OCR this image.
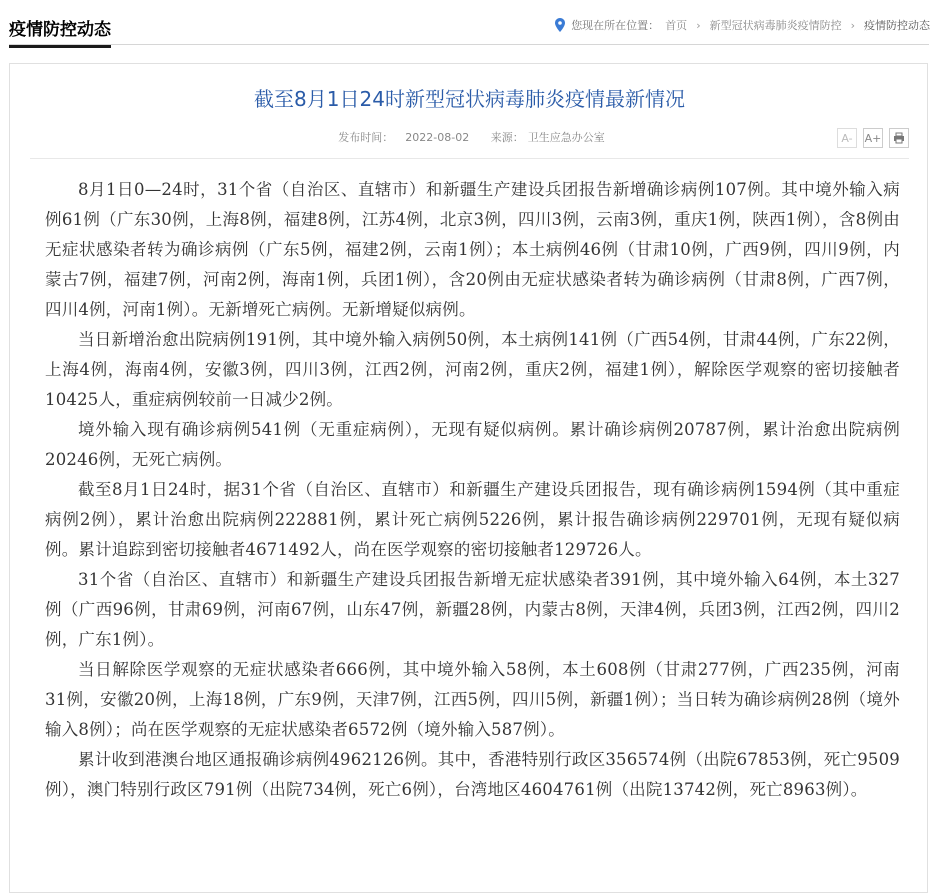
疫情防控动态	您现在所在位置： 首页 › 新型冠状病毒肺炎疫情防控 › 疫情防控动态
截至8月1日24时新型冠状病毒肺炎疫情最新情况
发布时间： 2022-08-02 来源： 卫生应急办公室	A- A+

8月1日0—24时，31个省（自治区、直辖市）和新疆生产建设兵团报告新增确诊病例107例。其中境外输入病例61例（广东30例，上海8例，福建8例，江苏4例，北京3例，四川3例，云南3例，重庆1例，陕西1例），含8例由无症状感染者转为确诊病例（广东5例，福建2例，云南1例）；本土病例46例（甘肃10例，广西9例，四川9例，内蒙古7例，福建7例，河南2例，海南1例，兵团1例），含20例由无症状感染者转为确诊病例（甘肃8例，广西7例，四川4例，河南1例）。无新增死亡病例。无新增疑似病例。

当日新增治愈出院病例191例，其中境外输入病例50例，本土病例141例（广西54例，甘肃44例，广东22例，上海4例，海南4例，安徽3例，四川3例，江西2例，河南2例，重庆2例，福建1例），解除医学观察的密切接触者10425人，重症病例较前一日减少2例。

境外输入现有确诊病例541例（无重症病例），无现有疑似病例。累计确诊病例20787例，累计治愈出院病例20246例，无死亡病例。

截至8月1日24时，据31个省（自治区、直辖市）和新疆生产建设兵团报告，现有确诊病例1594例（其中重症病例2例），累计治愈出院病例222881例，累计死亡病例5226例，累计报告确诊病例229701例，无现有疑似病例。累计追踪到密切接触者4671492人，尚在医学观察的密切接触者129726人。

31个省（自治区、直辖市）和新疆生产建设兵团报告新增无症状感染者391例，其中境外输入64例，本土327例（广西96例，甘肃69例，河南67例，山东47例，新疆28例，内蒙古8例，天津4例，兵团3例，江西2例，四川2例，广东1例）。

当日解除医学观察的无症状感染者666例，其中境外输入58例，本土608例（甘肃277例，广西235例，河南31例，安徽20例，上海18例，广东9例，天津7例，江西5例，四川5例，新疆1例）；当日转为确诊病例28例（境外输入8例）；尚在医学观察的无症状感染者6572例（境外输入587例）。

累计收到港澳台地区通报确诊病例4962126例。其中，香港特别行政区356574例（出院67853例，死亡9509例），澳门特别行政区791例（出院734例，死亡6例），台湾地区4604761例（出院13742例，死亡8963例）。
